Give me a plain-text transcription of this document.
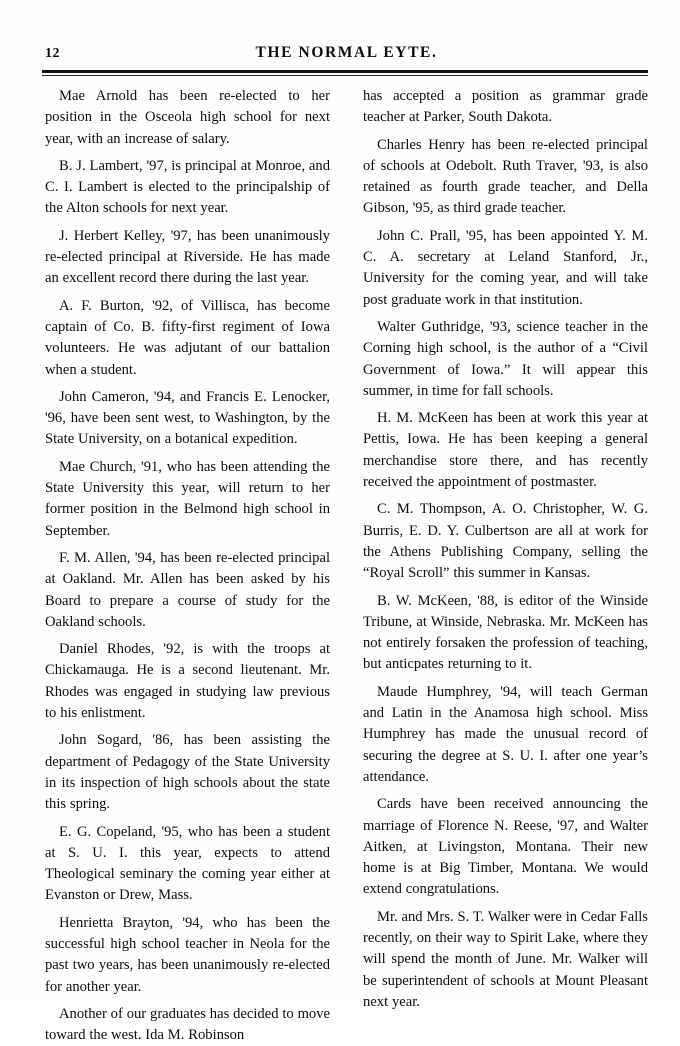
12	THE NORMAL EYTE.

Mae Arnold has been re-elected to her position in the Osceola high school for next year, with an increase of salary.

B. J. Lambert, '97, is principal at Monroe, and C. I. Lambert is elected to the principalship of the Alton schools for next year.

J. Herbert Kelley, '97, has been unanimously re-elected principal at Riverside. He has made an excellent record there during the last year.

A. F. Burton, '92, of Villisca, has become captain of Co. B. fifty-first regiment of Iowa volunteers. He was adjutant of our battalion when a student.

John Cameron, '94, and Francis E. Lenocker, '96, have been sent west, to Washington, by the State University, on a botanical expedition.

Mae Church, '91, who has been attending the State University this year, will return to her former position in the Belmond high school in September.

F. M. Allen, '94, has been re-elected principal at Oakland. Mr. Allen has been asked by his Board to prepare a course of study for the Oakland schools.

Daniel Rhodes, '92, is with the troops at Chickamauga. He is a second lieutenant. Mr. Rhodes was engaged in studying law previous to his enlistment.

John Sogard, '86, has been assisting the department of Pedagogy of the State University in its inspection of high schools about the state this spring.

E. G. Copeland, '95, who has been a student at S. U. I. this year, expects to attend Theological seminary the coming year either at Evanston or Drew, Mass.

Henrietta Brayton, '94, who has been the successful high school teacher in Neola for the past two years, has been unanimously re-elected for another year.

Another of our graduates has decided to move toward the west. Ida M. Robinson

has accepted a position as grammar grade teacher at Parker, South Dakota.

Charles Henry has been re-elected principal of schools at Odebolt. Ruth Traver, '93, is also retained as fourth grade teacher, and Della Gibson, '95, as third grade teacher.

John C. Prall, '95, has been appointed Y. M. C. A. secretary at Leland Stanford, Jr., University for the coming year, and will take post graduate work in that institution.

Walter Guthridge, '93, science teacher in the Corning high school, is the author of a “Civil Government of Iowa.” It will appear this summer, in time for fall schools.

H. M. McKeen has been at work this year at Pettis, Iowa. He has been keeping a general merchandise store there, and has recently received the appointment of postmaster.

C. M. Thompson, A. O. Christopher, W. G. Burris, E. D. Y. Culbertson are all at work for the Athens Publishing Company, selling the “Royal Scroll” this summer in Kansas.

B. W. McKeen, '88, is editor of the Winside Tribune, at Winside, Nebraska. Mr. McKeen has not entirely forsaken the profession of teaching, but anticpates returning to it.

Maude Humphrey, '94, will teach German and Latin in the Anamosa high school. Miss Humphrey has made the unusual record of securing the degree at S. U. I. after one year’s attendance.

Cards have been received announcing the marriage of Florence N. Reese, '97, and Walter Aitken, at Livingston, Montana. Their new home is at Big Timber, Montana. We would extend congratulations.

Mr. and Mrs. S. T. Walker were in Cedar Falls recently, on their way to Spirit Lake, where they will spend the month of June. Mr. Walker will be superintendent of schools at Mount Pleasant next year.
